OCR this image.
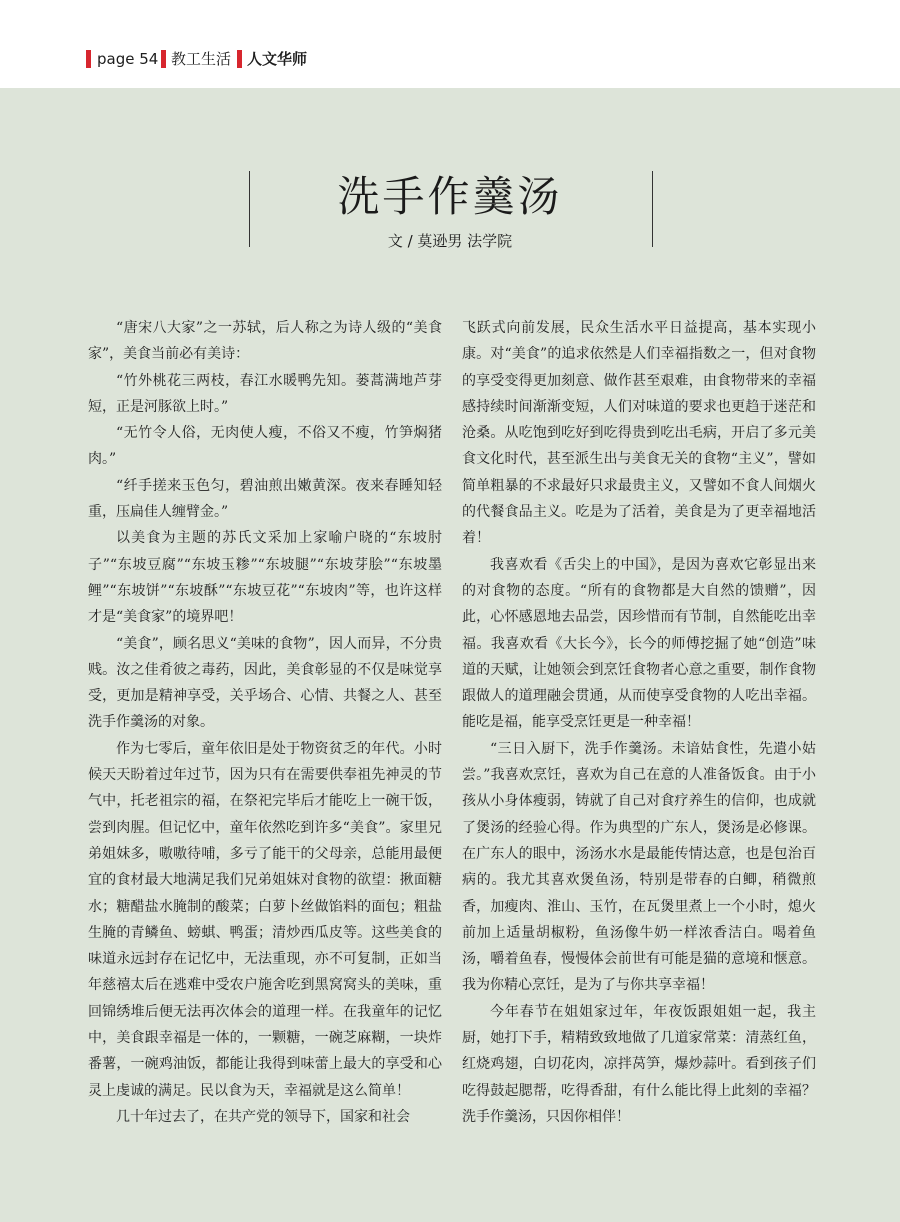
page 54 教工生活 人文华师
洗手作羹汤
文 / 莫逊男 法学院

“唐宋八大家”之一苏轼，后人称之为诗人级的“美食家”，美食当前必有美诗：

“竹外桃花三两枝，春江水暖鸭先知。蒌蒿满地芦芽短，正是河豚欲上时。”

“无竹令人俗，无肉使人瘦，不俗又不瘦，竹笋焖猪肉。”

“纤手搓来玉色匀，碧油煎出嫩黄深。夜来春睡知轻重，压扁佳人缠臂金。”

以美食为主题的苏氏文采加上家喻户晓的“东坡肘子”“东坡豆腐”“东坡玉糁”“东坡腿”“东坡芽脍”“东坡墨鲤”“东坡饼”“东坡酥”“东坡豆花”“东坡肉”等，也许这样才是“美食家”的境界吧！

“美食”，顾名思义“美味的食物”，因人而异，不分贵贱。汝之佳肴彼之毒药，因此，美食彰显的不仅是味觉享受，更加是精神享受，关乎场合、心情、共餐之人、甚至洗手作羹汤的对象。

作为七零后，童年依旧是处于物资贫乏的年代。小时候天天盼着过年过节，因为只有在需要供奉祖先神灵的节气中，托老祖宗的福，在祭祀完毕后才能吃上一碗干饭，尝到肉腥。但记忆中，童年依然吃到许多“美食”。家里兄弟姐妹多，嗷嗷待哺，多亏了能干的父母亲，总能用最便宜的食材最大地满足我们兄弟姐妹对食物的欲望：揪面糖水；糖醋盐水腌制的酸菜；白萝卜丝做馅料的面包；粗盐生腌的青鳞鱼、螃蜞、鸭蛋；清炒西瓜皮等。这些美食的味道永远封存在记忆中，无法重现，亦不可复制，正如当年慈禧太后在逃难中受农户施舍吃到黑窝窝头的美味，重回锦绣堆后便无法再次体会的道理一样。在我童年的记忆中，美食跟幸福是一体的，一颗糖，一碗芝麻糊，一块炸番薯，一碗鸡油饭，都能让我得到味蕾上最大的享受和心灵上虔诚的满足。民以食为天，幸福就是这么简单！

几十年过去了，在共产党的领导下，国家和社会

飞跃式向前发展，民众生活水平日益提高，基本实现小康。对“美食”的追求依然是人们幸福指数之一，但对食物的享受变得更加刻意、做作甚至艰难，由食物带来的幸福感持续时间渐渐变短，人们对味道的要求也更趋于迷茫和沧桑。从吃饱到吃好到吃得贵到吃出毛病，开启了多元美食文化时代，甚至派生出与美食无关的食物“主义”，譬如简单粗暴的不求最好只求最贵主义，又譬如不食人间烟火的代餐食品主义。吃是为了活着，美食是为了更幸福地活着！

我喜欢看《舌尖上的中国》，是因为喜欢它彰显出来的对食物的态度。“所有的食物都是大自然的馈赠”，因此，心怀感恩地去品尝，因珍惜而有节制，自然能吃出幸福。我喜欢看《大长今》，长今的师傅挖掘了她“创造”味道的天赋，让她领会到烹饪食物者心意之重要，制作食物跟做人的道理融会贯通，从而使享受食物的人吃出幸福。能吃是福，能享受烹饪更是一种幸福！

“三日入厨下，洗手作羹汤。未谙姑食性，先遣小姑尝。”我喜欢烹饪，喜欢为自己在意的人准备饭食。由于小孩从小身体瘦弱，铸就了自己对食疗养生的信仰，也成就了煲汤的经验心得。作为典型的广东人，煲汤是必修课。在广东人的眼中，汤汤水水是最能传情达意，也是包治百病的。我尤其喜欢煲鱼汤，特别是带春的白鲫，稍微煎香，加瘦肉、淮山、玉竹，在瓦煲里煮上一个小时，熄火前加上适量胡椒粉，鱼汤像牛奶一样浓香洁白。喝着鱼汤，嚼着鱼春，慢慢体会前世有可能是猫的意境和惬意。我为你精心烹饪，是为了与你共享幸福！

今年春节在姐姐家过年，年夜饭跟姐姐一起，我主厨，她打下手，精精致致地做了几道家常菜：清蒸红鱼，红烧鸡翅，白切花肉，凉拌莴笋，爆炒蒜叶。看到孩子们吃得鼓起腮帮，吃得香甜，有什么能比得上此刻的幸福？洗手作羹汤，只因你相伴！
